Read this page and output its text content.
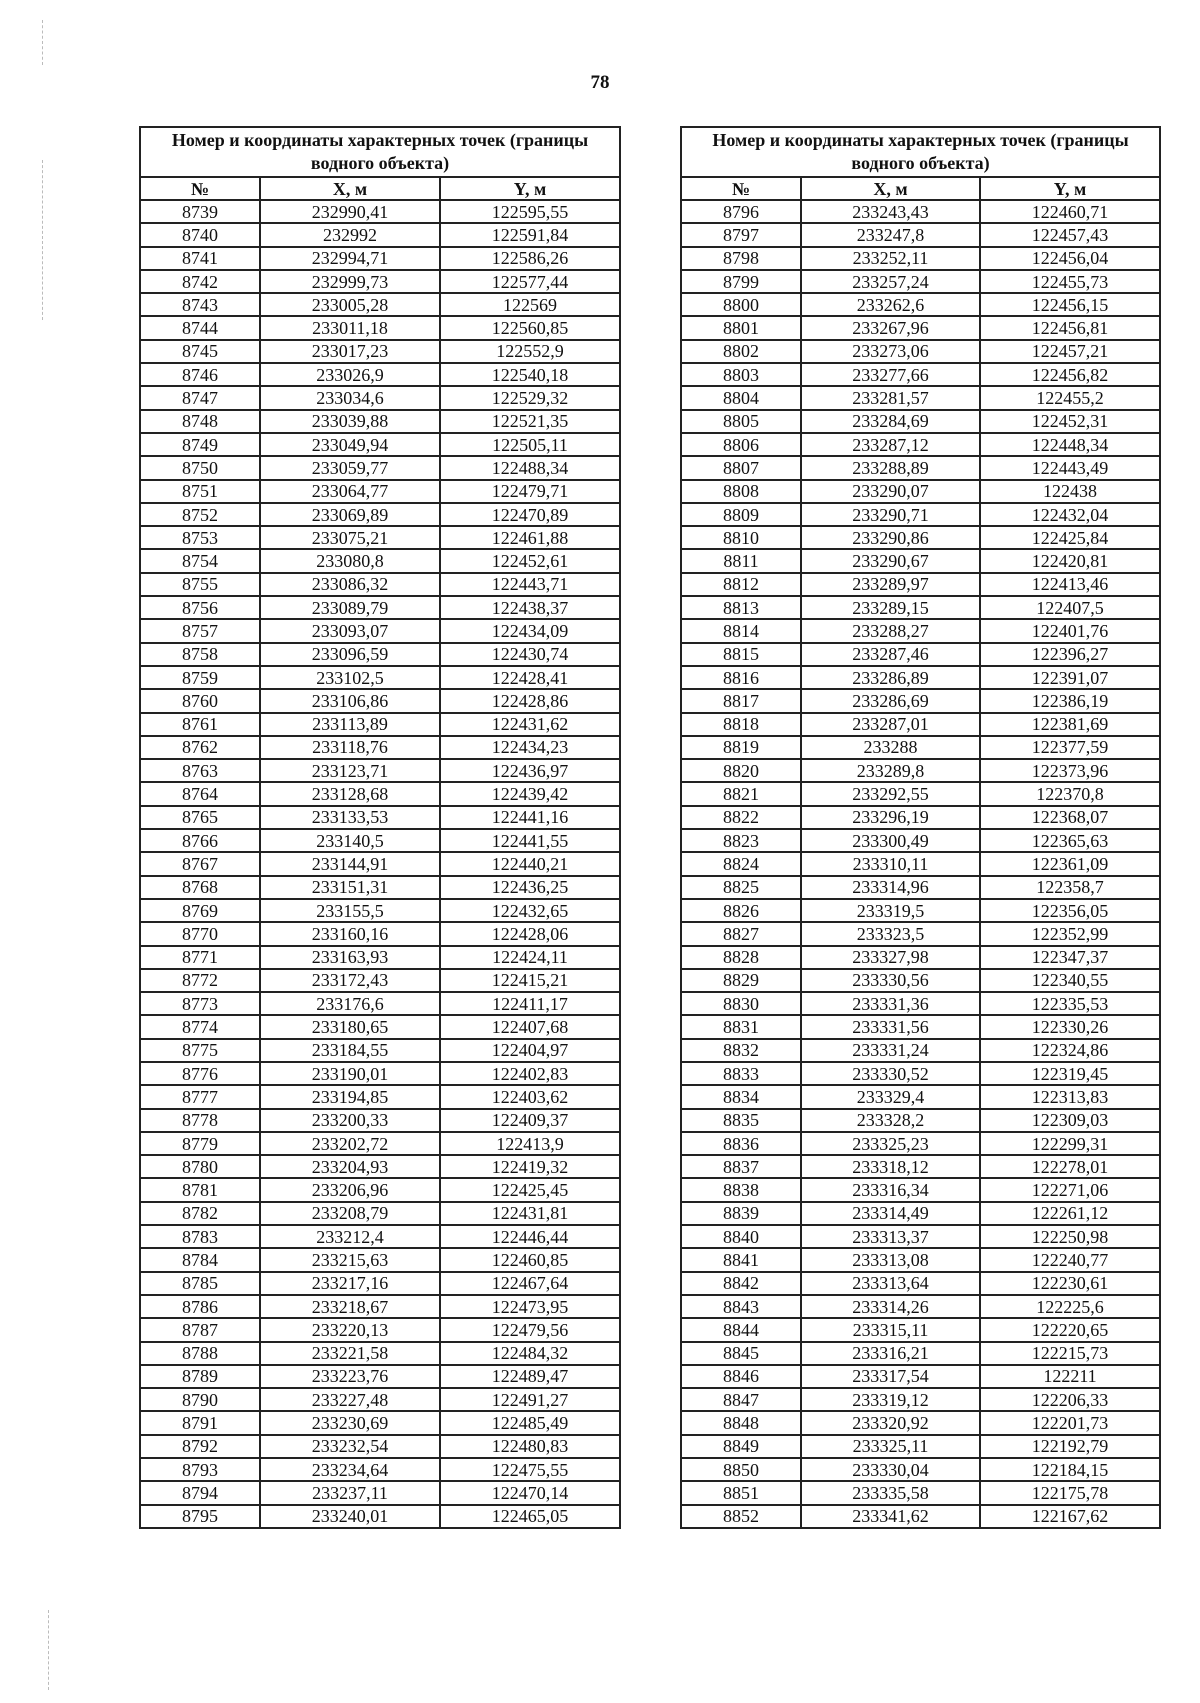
78
Номер и координаты характерных точек (границы водного объекта)		
№	X, м	Y, м
8739	232990,41	122595,55
8740	232992	122591,84
8741	232994,71	122586,26
8742	232999,73	122577,44
8743	233005,28	122569
8744	233011,18	122560,85
8745	233017,23	122552,9
8746	233026,9	122540,18
8747	233034,6	122529,32
8748	233039,88	122521,35
8749	233049,94	122505,11
8750	233059,77	122488,34
8751	233064,77	122479,71
8752	233069,89	122470,89
8753	233075,21	122461,88
8754	233080,8	122452,61
8755	233086,32	122443,71
8756	233089,79	122438,37
8757	233093,07	122434,09
8758	233096,59	122430,74
8759	233102,5	122428,41
8760	233106,86	122428,86
8761	233113,89	122431,62
8762	233118,76	122434,23
8763	233123,71	122436,97
8764	233128,68	122439,42
8765	233133,53	122441,16
8766	233140,5	122441,55
8767	233144,91	122440,21
8768	233151,31	122436,25
8769	233155,5	122432,65
8770	233160,16	122428,06
8771	233163,93	122424,11
8772	233172,43	122415,21
8773	233176,6	122411,17
8774	233180,65	122407,68
8775	233184,55	122404,97
8776	233190,01	122402,83
8777	233194,85	122403,62
8778	233200,33	122409,37
8779	233202,72	122413,9
8780	233204,93	122419,32
8781	233206,96	122425,45
8782	233208,79	122431,81
8783	233212,4	122446,44
8784	233215,63	122460,85
8785	233217,16	122467,64
8786	233218,67	122473,95
8787	233220,13	122479,56
8788	233221,58	122484,32
8789	233223,76	122489,47
8790	233227,48	122491,27
8791	233230,69	122485,49
8792	233232,54	122480,83
8793	233234,64	122475,55
8794	233237,11	122470,14
8795	233240,01	122465,05
Номер и координаты характерных точек (границы водного объекта)		
№	X, м	Y, м
8796	233243,43	122460,71
8797	233247,8	122457,43
8798	233252,11	122456,04
8799	233257,24	122455,73
8800	233262,6	122456,15
8801	233267,96	122456,81
8802	233273,06	122457,21
8803	233277,66	122456,82
8804	233281,57	122455,2
8805	233284,69	122452,31
8806	233287,12	122448,34
8807	233288,89	122443,49
8808	233290,07	122438
8809	233290,71	122432,04
8810	233290,86	122425,84
8811	233290,67	122420,81
8812	233289,97	122413,46
8813	233289,15	122407,5
8814	233288,27	122401,76
8815	233287,46	122396,27
8816	233286,89	122391,07
8817	233286,69	122386,19
8818	233287,01	122381,69
8819	233288	122377,59
8820	233289,8	122373,96
8821	233292,55	122370,8
8822	233296,19	122368,07
8823	233300,49	122365,63
8824	233310,11	122361,09
8825	233314,96	122358,7
8826	233319,5	122356,05
8827	233323,5	122352,99
8828	233327,98	122347,37
8829	233330,56	122340,55
8830	233331,36	122335,53
8831	233331,56	122330,26
8832	233331,24	122324,86
8833	233330,52	122319,45
8834	233329,4	122313,83
8835	233328,2	122309,03
8836	233325,23	122299,31
8837	233318,12	122278,01
8838	233316,34	122271,06
8839	233314,49	122261,12
8840	233313,37	122250,98
8841	233313,08	122240,77
8842	233313,64	122230,61
8843	233314,26	122225,6
8844	233315,11	122220,65
8845	233316,21	122215,73
8846	233317,54	122211
8847	233319,12	122206,33
8848	233320,92	122201,73
8849	233325,11	122192,79
8850	233330,04	122184,15
8851	233335,58	122175,78
8852	233341,62	122167,62
